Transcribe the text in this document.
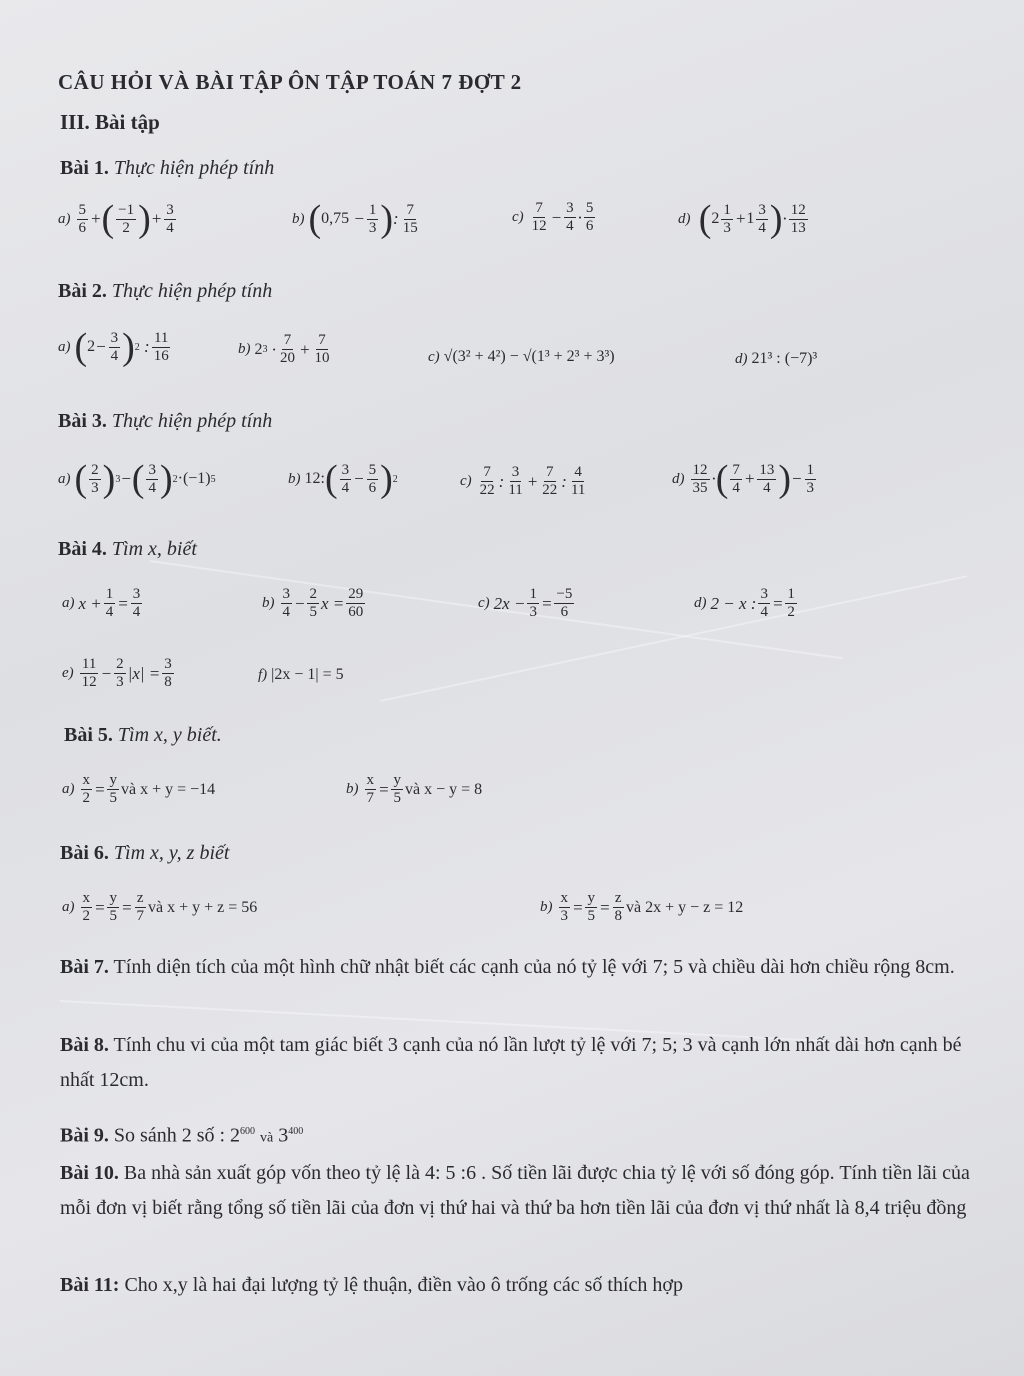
CÂU HỎI VÀ BÀI TẬP ÔN TẬP TOÁN 7 ĐỢT 2
III. Bài tập
Bài 1. Thực hiện phép tính
$a) \frac{5}{6}$ + ( $\frac{-1}{2}$ ) + $\frac{3}{4}$	b) ( $0,75 - \frac{1}{3}$ ) : $\frac{7}{15}$	$c) \frac{7}{12} - \frac{3}{4} \cdot \frac{5}{6}$	d)
( $2 \frac{1}{3} + 1 \frac{3}{4}$ ) · $\frac{12}{13}$
Bài 2. Thực hiện phép tính
a) ( $2 - \frac{3}{4}$ ) 2 : $\frac{11}{16}$	b) 2 $3 \cdot \frac{7}{20} + \frac{7}{10}$	c) √(3² + 4²) − √(1³ + 2³ + 3³)	d) 21³ : (−7)³
Bài 3. Thực hiện phép tính
a) ( $\frac{2}{3}$ ) 3 − ( $\frac{3}{4}$ ) 2 ·(−1) 5	b) 12: ( $\frac{3}{4} - \frac{5}{6}$ ) 2	$c) \frac{7}{22}$ : $\frac{3}{11} + \frac{7}{22}$ : $\frac{4}{11}$	$d) \frac{12}{35}$ · ( $\frac{7}{4} + \frac{13}{4}$ ) − $\frac{1}{3}$
Bài 4. Tìm x, biết
a) $x + \frac{1}{4} = \frac{3}{4}$	$b) \frac{3}{4} - \frac{2}{5}$ $x = \frac{29}{60}$	c) $2x - \frac{1}{3} = \frac{-5}{6}$	d) 2 − x : $\frac{3}{4} = \frac{1}{2}$
$e) \frac{11}{12} - \frac{2}{3} |x| = \frac{3}{8}$	f) |2x − 1| = 5
Bài 5. Tìm x, y biết.
$a) \frac{x}{2} = \frac{y}{5}$ và x + y = −14	$b) \frac{x}{7} = \frac{y}{5}$ và x − y = 8
Bài 6. Tìm x, y, z biết
$a) \frac{x}{2} = \frac{y}{5} = \frac{z}{7}$ và x + y + z = 56	$b) \frac{x}{3} = \frac{y}{5} = \frac{z}{8}$ và 2x + y − z = 12
Bài 7. Tính diện tích của một hình chữ nhật biết các cạnh của nó tỷ lệ với 7; 5 và chiều dài hơn chiều rộng 8cm.
Bài 8. Tính chu vi của một tam giác biết 3 cạnh của nó lần lượt tỷ lệ với 7; 5; 3 và cạnh lớn nhất dài hơn cạnh bé nhất 12cm.
Bài 9. So sánh 2 số : $2^{600}$ và $3^{400}$
Bài 10. Ba nhà sản xuất góp vốn theo tỷ lệ là 4: 5 :6 . Số tiền lãi được chia tỷ lệ với số đóng góp. Tính tiền lãi của mỗi đơn vị biết rằng tổng số tiền lãi của đơn vị thứ hai và thứ ba hơn tiền lãi của đơn vị thứ nhất là 8,4 triệu đồng
Bài 11: Cho x,y là hai đại lượng tỷ lệ thuận, điền vào ô trống các số thích hợp
